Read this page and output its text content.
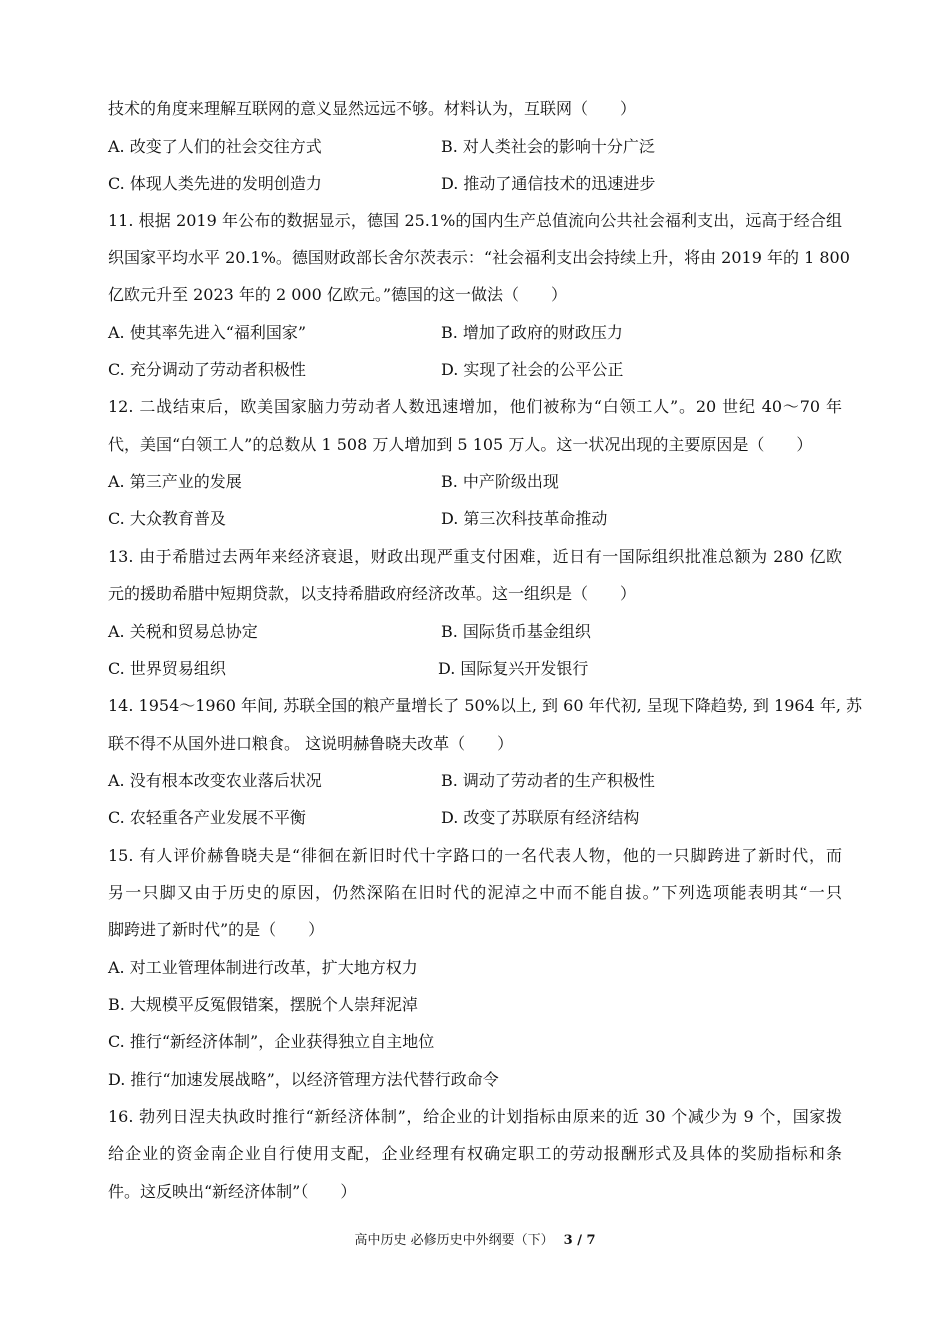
技术的角度来理解互联网的意义显然远远不够。材料认为，互联网（　　）
A. 改变了人们的社会交往方式	B. 对人类社会的影响十分广泛
C. 体现人类先进的发明创造力	D. 推动了通信技术的迅速进步
11. 根据 2019 年公布的数据显示，德国 25.1%的国内生产总值流向公共社会福利支出，远高于经合组
织国家平均水平 20.1%。德国财政部长舍尔茨表示：“社会福利支出会持续上升，将由 2019 年的 1 800
亿欧元升至 2023 年的 2 000 亿欧元。”德国的这一做法（　　）
A. 使其率先进入“福利国家”	B. 增加了政府的财政压力
C. 充分调动了劳动者积极性	D. 实现了社会的公平公正
12. 二战结束后，欧美国家脑力劳动者人数迅速增加，他们被称为“白领工人”。20 世纪 40～70 年
代，美国“白领工人”的总数从 1 508 万人增加到 5 105 万人。这一状况出现的主要原因是（　　）
A. 第三产业的发展	B. 中产阶级出现
C. 大众教育普及	D. 第三次科技革命推动
13. 由于希腊过去两年来经济衰退，财政出现严重支付困难，近日有一国际组织批准总额为 280 亿欧
元的援助希腊中短期贷款，以支持希腊政府经济改革。这一组织是（　　）
A. 关税和贸易总协定	B. 国际货币基金组织
C. 世界贸易组织	D. 国际复兴开发银行
14. 1954～1960 年间, 苏联全国的粮产量增长了 50%以上, 到 60 年代初, 呈现下降趋势, 到 1964 年, 苏
联不得不从国外进口粮食。 这说明赫鲁晓夫改革（　　）
A. 没有根本改变农业落后状况	B. 调动了劳动者的生产积极性
C. 农轻重各产业发展不平衡	D. 改变了苏联原有经济结构
15. 有人评价赫鲁晓夫是“徘徊在新旧时代十字路口的一名代表人物，他的一只脚跨进了新时代，而
另一只脚又由于历史的原因，仍然深陷在旧时代的泥淖之中而不能自拔。”下列选项能表明其“一只
脚跨进了新时代”的是（　　）
A. 对工业管理体制进行改革，扩大地方权力
B. 大规模平反冤假错案，摆脱个人崇拜泥淖
C. 推行“新经济体制”，企业获得独立自主地位
D. 推行“加速发展战略”，以经济管理方法代替行政命令
16. 勃列日涅夫执政时推行“新经济体制”，给企业的计划指标由原来的近 30 个减少为 9 个，国家拨
给企业的资金南企业自行使用支配，企业经理有权确定职工的劳动报酬形式及具体的奖励指标和条
件。这反映出“新经济体制”（　　）
高中历史 必修历史中外纲要（下） 3 / 7
